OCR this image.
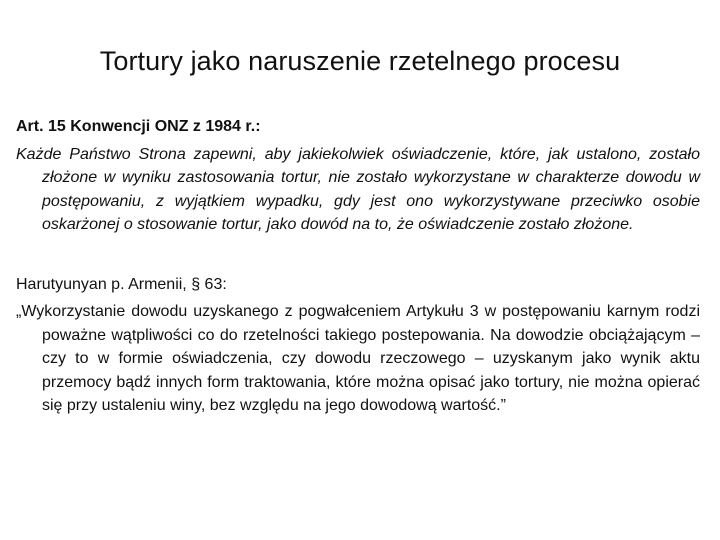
Tortury jako naruszenie rzetelnego procesu
Art. 15 Konwencji ONZ z 1984 r.:

Każde Państwo Strona zapewni, aby jakiekolwiek oświadczenie, które, jak ustalono, zostało złożone w wyniku zastosowania tortur, nie zostało wykorzystane w charakterze dowodu w postępowaniu, z wyjątkiem wypadku, gdy jest ono wykorzystywane przeciwko osobie oskarżonej o stosowanie tortur, jako dowód na to, że oświadczenie zostało złożone.

Harutyunyan p. Armenii, § 63:

„Wykorzystanie dowodu uzyskanego z pogwałceniem Artykułu 3 w postępowaniu karnym rodzi poważne wątpliwości co do rzetelności takiego postepowania. Na dowodzie obciążającym – czy to w formie oświadczenia, czy dowodu rzeczowego – uzyskanym jako wynik aktu przemocy bądź innych form traktowania, które można opisać jako tortury, nie można opierać się przy ustaleniu winy, bez względu na jego dowodową wartość.”
